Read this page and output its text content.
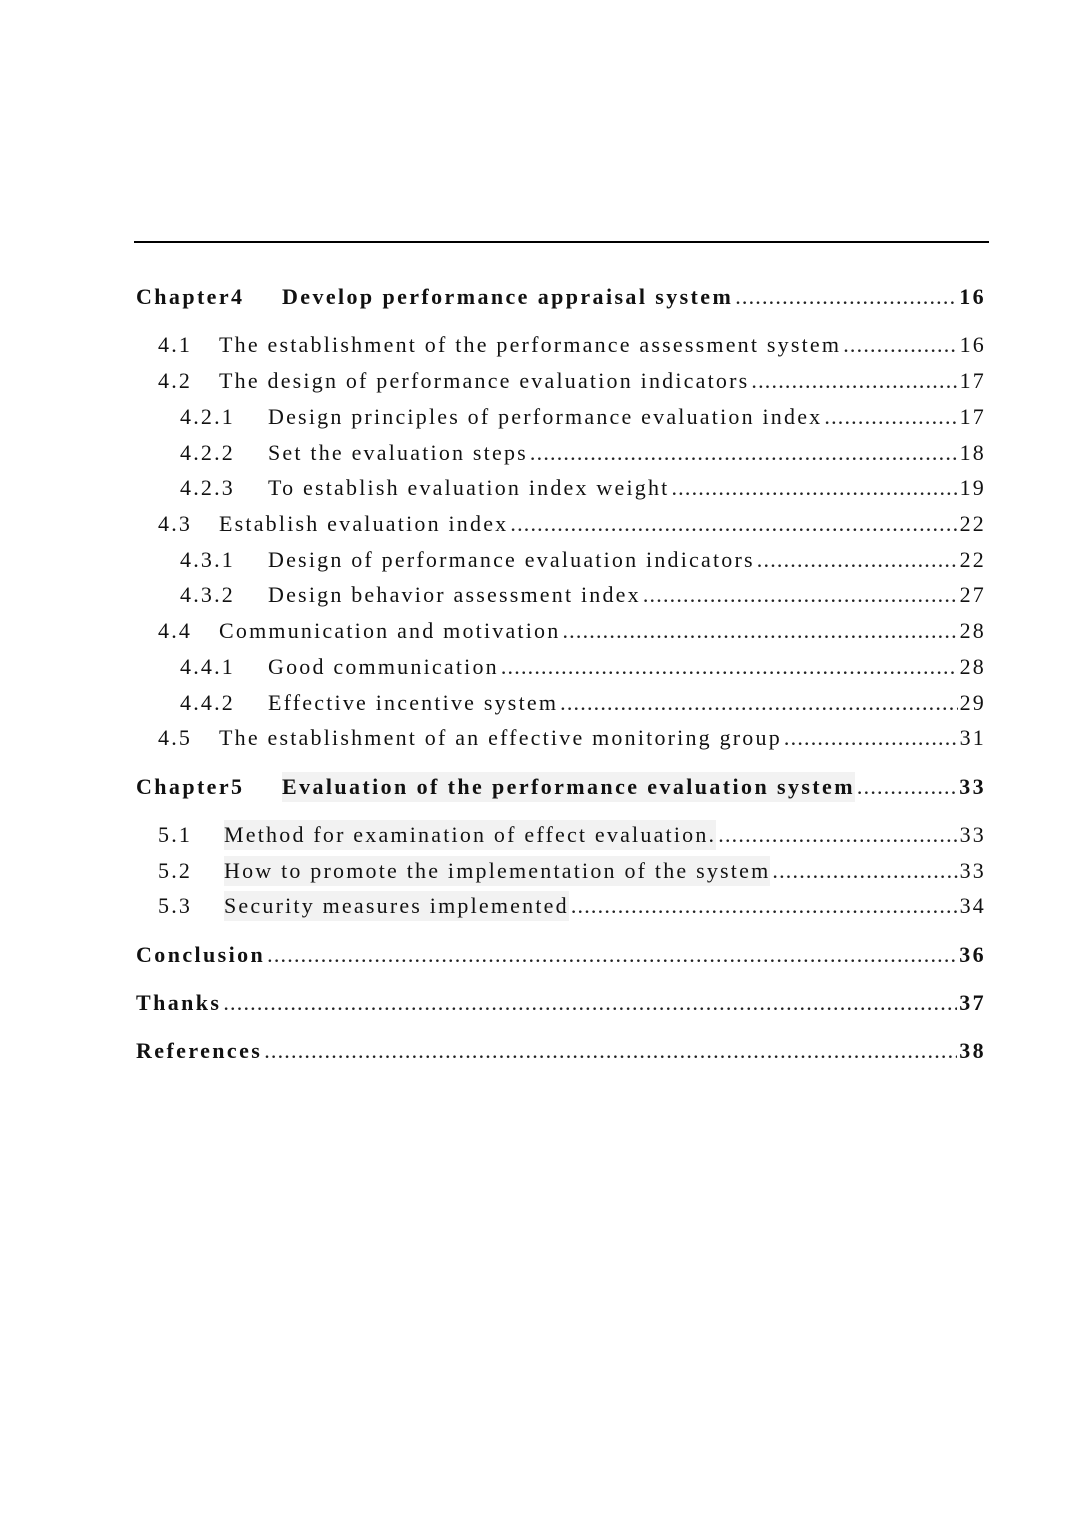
Chapter4	Develop performance appraisal system .....	16
4.1	The establishment of the performance assessment system .....	16
4.2	The design of performance evaluation indicators .....	17
4.2.1	Design principles of performance evaluation index .....	17
4.2.2	Set the evaluation steps .....	18
4.2.3	To establish evaluation index weight .....	19
4.3	Establish evaluation index .....	22
4.3.1	Design of performance evaluation indicators .....	22
4.3.2	Design behavior assessment index .....	27
4.4	Communication and motivation .....	28
4.4.1	Good communication .....	28
4.4.2	Effective incentive system .....	29
4.5	The establishment of an effective monitoring group .....	31
Chapter5	Evaluation of the performance evaluation system .....	33
5.1	Method for examination of effect evaluation. .....	33
5.2	How to promote the implementation of the system .....	33
5.3	Security measures implemented .....	34
Conclusion .....	36
Thanks .....	37
References .....	38
